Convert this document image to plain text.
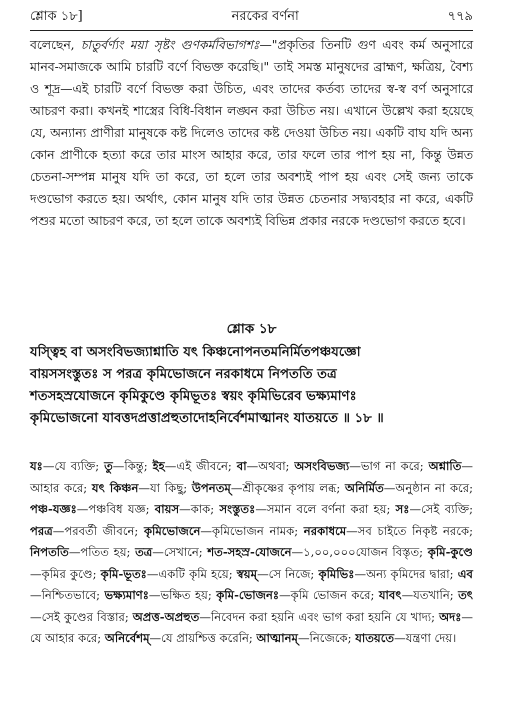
শ্লোক ১৮]	নরকের বর্ণনা	৭৭৯
বলেছেন, চাতুর্বর্ণ্যং ময়া সৃষ্টং গুণকর্মবিভাগশঃ—"প্রকৃতির তিনটি গুণ এবং কর্ম অনুসারে মানব-সমাজকে আমি চারটি বর্ণে বিভক্ত করেছি।" তাই সমস্ত মানুষদের ব্রাহ্মণ, ক্ষত্রিয়, বৈশ্য ও শূদ্র—এই চারটি বর্ণে বিভক্ত করা উচিত, এবং তাদের কর্তব্য তাদের স্ব-স্ব বর্ণ অনুসারে আচরণ করা। কখনই শাস্ত্রের বিধি-বিধান লঙ্ঘন করা উচিত নয়। এখানে উল্লেখ করা হয়েছে যে, অন্যান্য প্রাণীরা মানুষকে কষ্ট দিলেও তাদের কষ্ট দেওয়া উচিত নয়। একটি বাঘ যদি অন্য কোন প্রাণীকে হত্যা করে তার মাংস আহার করে, তার ফলে তার পাপ হয় না, কিন্তু উন্নত চেতনা-সম্পন্ন মানুষ যদি তা করে, তা হলে তার অবশ্যই পাপ হয় এবং সেই জন্য তাকে দণ্ডভোগ করতে হয়। অর্থাৎ, কোন মানুষ যদি তার উন্নত চেতনার সদ্ব্যবহার না করে, একটি পশুর মতো আচরণ করে, তা হলে তাকে অবশ্যই বিভিন্ন প্রকার নরকে দণ্ডভোগ করতে হবে।
শ্লোক ১৮
যস্ত্বিহ বা অসংবিভজ্যাশ্নাতি যৎ কিঞ্চনোপনতমনির্মিতপঞ্চযজ্ঞো
বায়সসংস্তুতঃ স পরত্র কৃমিভোজনে নরকাধমে নিপততি তত্র
শতসহস্রযোজনে কৃমিকুণ্ডে কৃমিভূতঃ স্বয়ং কৃমিভিরেব ভক্ষ্যমাণঃ
কৃমিভোজনো যাবত্তদপ্রত্তাপ্রহুতাদোহনির্বেশমাত্মানং যাতয়তে ॥ ১৮ ॥
যঃ—যে ব্যক্তি; তু—কিন্তু; ইহ—এই জীবনে; বা—অথবা; অসংবিভজ্য—ভাগ না করে; অশ্নাতি—আহার করে; যৎ কিঞ্চন—যা কিছু; উপনতম্—শ্রীকৃষ্ণের কৃপায় লব্ধ; অনির্মিত—অনুষ্ঠান না করে; পঞ্চ-যজ্ঞঃ—পঞ্চবিধ যজ্ঞ; বায়স—কাক; সংস্তুতঃ—সমান বলে বর্ণনা করা হয়; সঃ—সেই ব্যক্তি; পরত্র—পরবর্তী জীবনে; কৃমিভোজনে—কৃমিভোজন নামক; নরকাধমে—সব চাইতে নিকৃষ্ট নরকে; নিপততি—পতিত হয়; তত্র—সেখানে; শত-সহস্র-যোজনে—১,০০,০০০যোজন বিস্তৃত; কৃমি-কুণ্ডে—কৃমির কুণ্ডে; কৃমি-ভূতঃ—একটি কৃমি হয়ে; স্বয়ম্—সে নিজে; কৃমিভিঃ—অন্য কৃমিদের দ্বারা; এব—নিশ্চিতভাবে; ভক্ষ্যমাণঃ—ভক্ষিত হয়; কৃমি-ভোজনঃ—কৃমি ভোজন করে; যাবৎ—যতখানি; তৎ—সেই কুণ্ডের বিস্তার; অপ্রত্ত-অপ্রহুত—নিবেদন করা হয়নি এবং ভাগ করা হয়নি যে খাদ্য; অদঃ—যে আহার করে; অনির্বেশম্—যে প্রায়শ্চিত্ত করেনি; আত্মানম্—নিজেকে; যাতয়তে—যন্ত্রণা দেয়।
